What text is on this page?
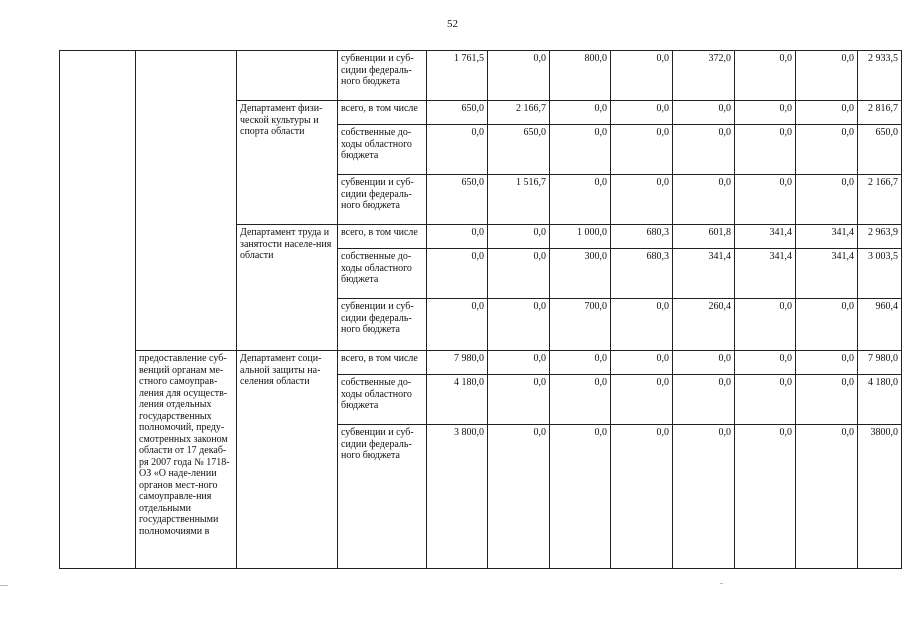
52
			субвенции и суб-сидии федераль-ного бюджета	1 761,5	0,0	800,0	0,0	372,0	0,0	0,0	2 933,5
		Департамент физи-ческой культуры и спорта области	всего, в том числе	650,0	2 166,7	0,0	0,0	0,0	0,0	0,0	2 816,7
			собственные до-ходы областного бюджета	0,0	650,0	0,0	0,0	0,0	0,0	0,0	650,0
			субвенции и суб-сидии федераль-ного бюджета	650,0	1 516,7	0,0	0,0	0,0	0,0	0,0	2 166,7
		Департамент труда и занятости населе-ния области	всего, в том числе	0,0	0,0	1 000,0	680,3	601,8	341,4	341,4	2 963,9
			собственные до-ходы областного бюджета	0,0	0,0	300,0	680,3	341,4	341,4	341,4	3 003,5
			субвенции и суб-сидии федераль-ного бюджета	0,0	0,0	700,0	0,0	260,4	0,0	0,0	960,4
	предоставление суб-венций органам ме-стного самоуправ-ления для осуществ-ления отдельных государственных полномочий, преду-смотренных законом области от 17 декаб-ря 2007 года № 1718-ОЗ «О наде-лении органов мест-ного самоуправле-ния отдельными государственными полномочиями в	Департамент соци-альной защиты на-селения области	всего, в том числе	7 980,0	0,0	0,0	0,0	0,0	0,0	0,0	7 980,0
			собственные до-ходы областного бюджета	4 180,0	0,0	0,0	0,0	0,0	0,0	0,0	4 180,0
			субвенции и суб-сидии федераль-ного бюджета	3 800,0	0,0	0,0	0,0	0,0	0,0	0,0	3800,0
